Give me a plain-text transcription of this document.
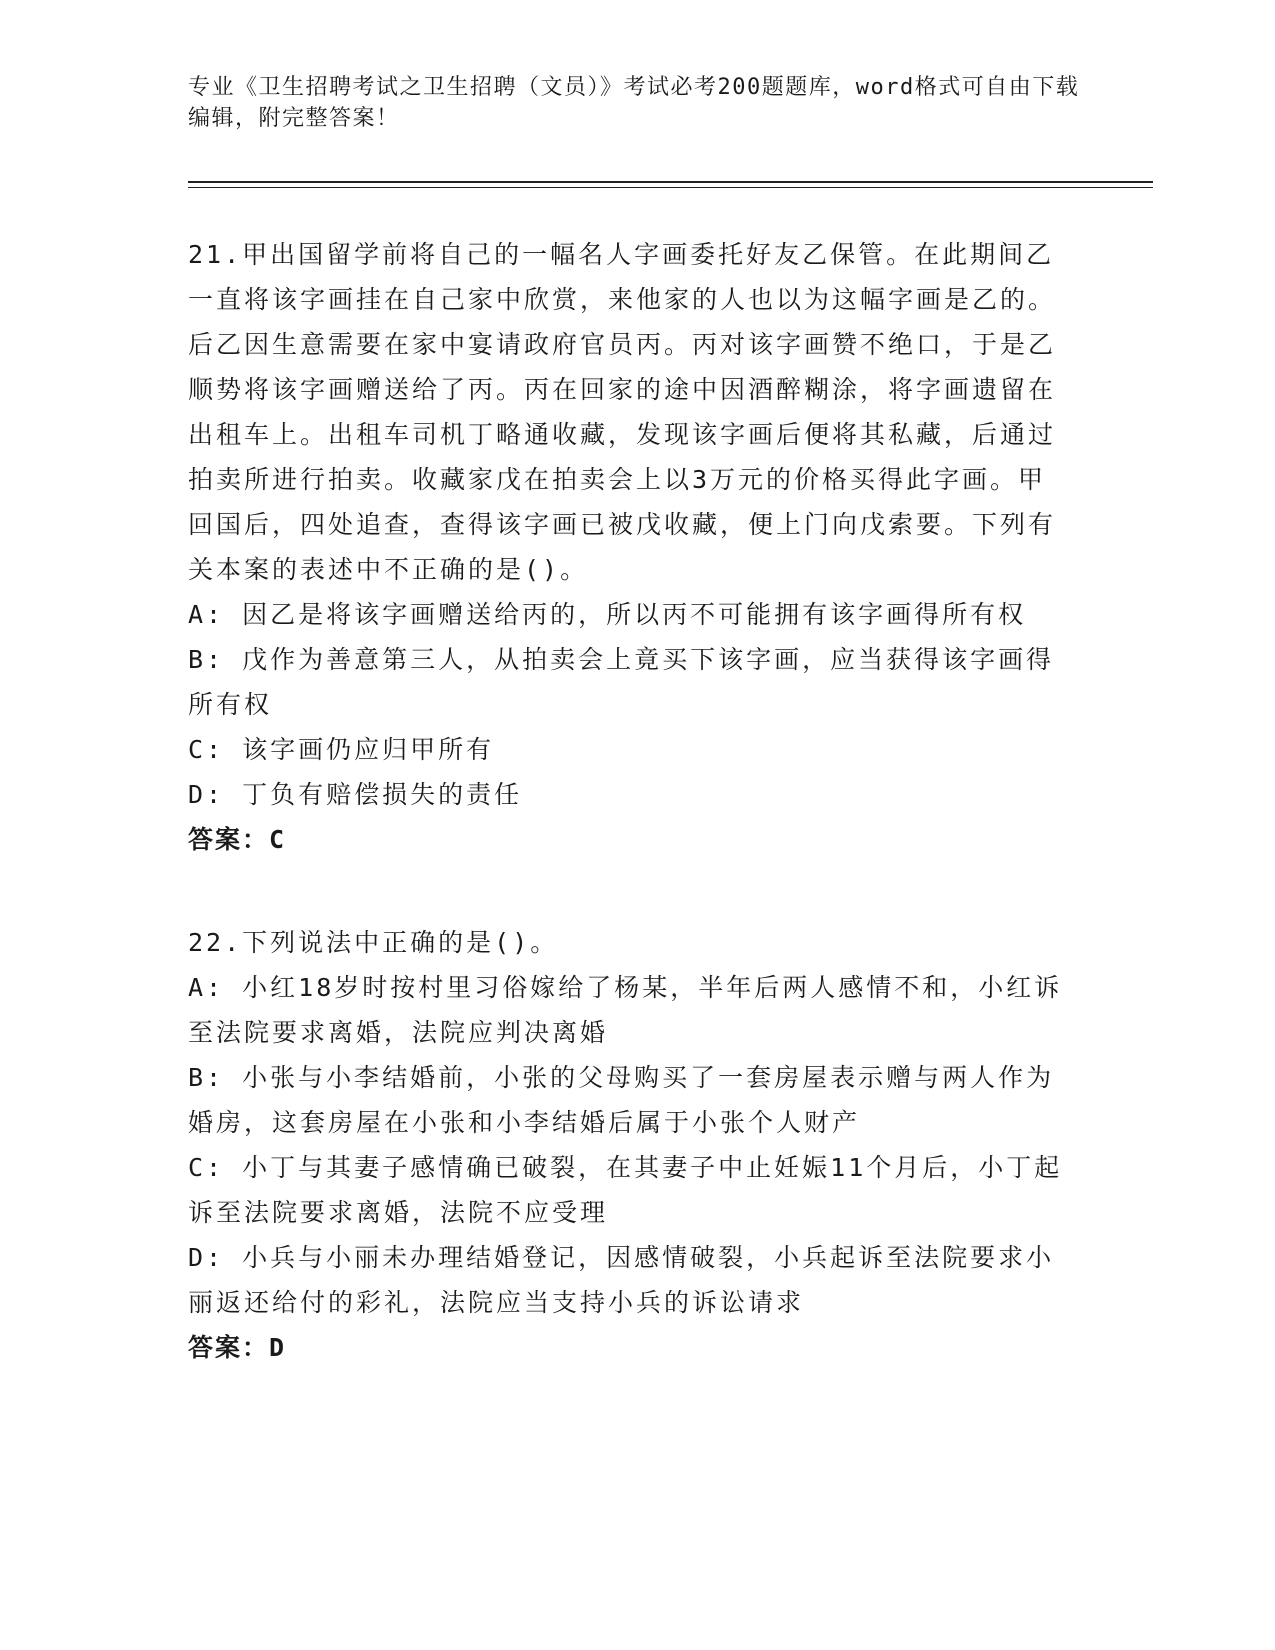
专业《卫生招聘考试之卫生招聘（文员）》考试必考200题题库，word格式可自由下载编辑，附完整答案！

21.甲出国留学前将自己的一幅名人字画委托好友乙保管。在此期间乙一直将该字画挂在自己家中欣赏，来他家的人也以为这幅字画是乙的。后乙因生意需要在家中宴请政府官员丙。丙对该字画赞不绝口，于是乙顺势将该字画赠送给了丙。丙在回家的途中因酒醉糊涂，将字画遗留在出租车上。出租车司机丁略通收藏，发现该字画后便将其私藏，后通过拍卖所进行拍卖。收藏家戊在拍卖会上以3万元的价格买得此字画。甲回国后，四处追查，查得该字画已被戊收藏，便上门向戊索要。下列有关本案的表述中不正确的是()。

A: 因乙是将该字画赠送给丙的，所以丙不可能拥有该字画得所有权

B: 戊作为善意第三人，从拍卖会上竟买下该字画，应当获得该字画得所有权

C: 该字画仍应归甲所有

D: 丁负有赔偿损失的责任

答案：C

22.下列说法中正确的是()。

A: 小红18岁时按村里习俗嫁给了杨某，半年后两人感情不和，小红诉至法院要求离婚，法院应判决离婚

B: 小张与小李结婚前，小张的父母购买了一套房屋表示赠与两人作为婚房，这套房屋在小张和小李结婚后属于小张个人财产

C: 小丁与其妻子感情确已破裂，在其妻子中止妊娠11个月后，小丁起诉至法院要求离婚，法院不应受理

D: 小兵与小丽未办理结婚登记，因感情破裂，小兵起诉至法院要求小丽返还给付的彩礼，法院应当支持小兵的诉讼请求

答案：D
